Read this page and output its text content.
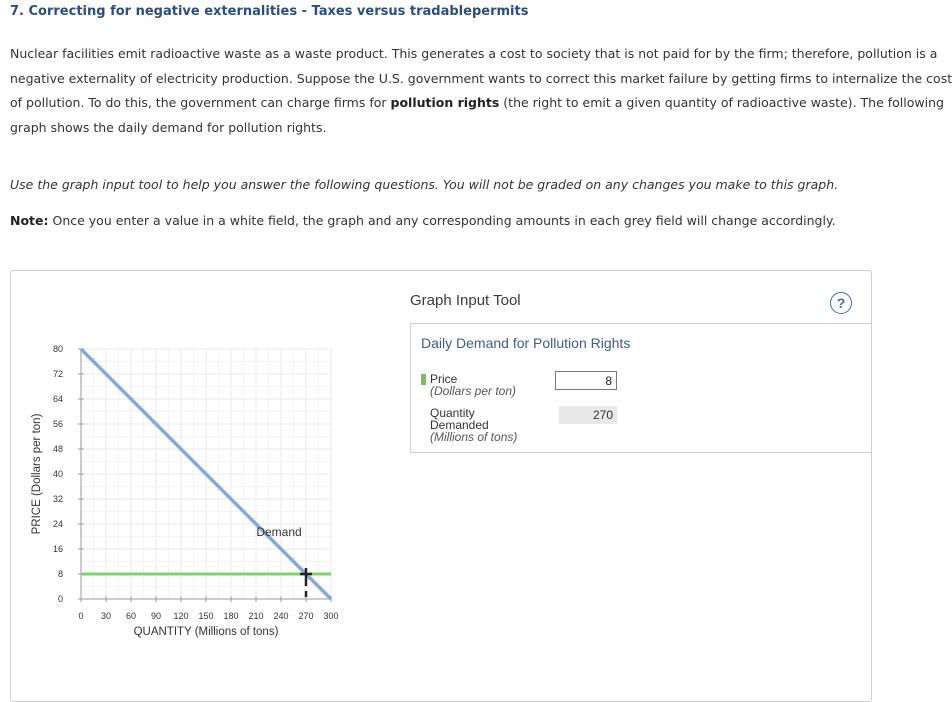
7. Correcting for negative externalities - Taxes versus tradablepermits
Nuclear facilities emit radioactive waste as a waste product. This generates a cost to society that is not paid for by the firm; therefore, pollution is a
negative externality of electricity production. Suppose the U.S. government wants to correct this market failure by getting firms to internalize the cost
of pollution. To do this, the government can charge firms for pollution rights (the right to emit a given quantity of radioactive waste). The following
graph shows the daily demand for pollution rights.
Use the graph input tool to help you answer the following questions. You will not be graded on any changes you make to this graph.
Note: Once you enter a value in a white field, the graph and any corresponding amounts in each grey field will change accordingly.
0 30 60 90 120 150 180 210 240 270 300
0
8
16
24
32
40
48
56
64
72
80
Demand
QUANTITY (Millions of tons)
PRICE (Dollars per ton)
Graph Input Tool	?
Daily Demand for Pollution Rights
Price
(Dollars per ton)
8
Quantity
Demanded
(Millions of tons)
270
